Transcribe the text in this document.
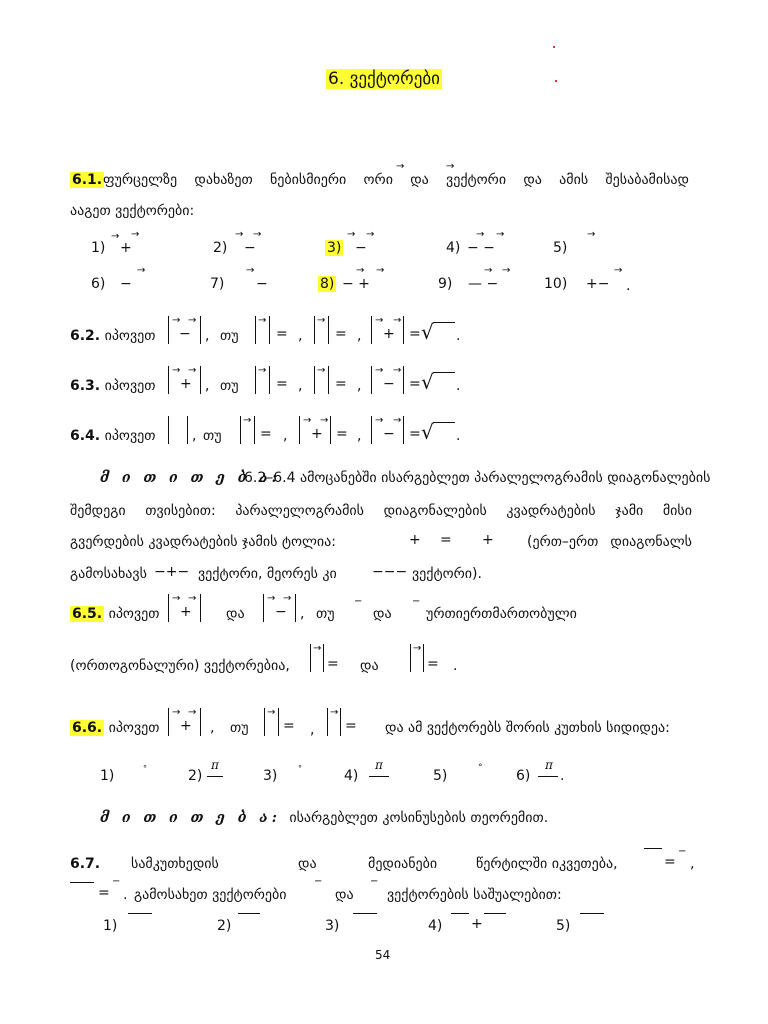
6. ვექტორები
6.1. ფურცელზე დახაზეთ ნებისმიერი ორი და ვექტორი და ამის შესაბამისად
→	→
ააგეთ ვექტორები:
1) +
→ →
2) −
→ →
3) −
→ →
4) − −
→ →
5)
→
6) −
→
7) −
→
8) − +
→ →
9) — −
→ →
10) +−
→
.
6.2. იპოვეთ −
→ →
, თუ
→
= ,
→
= , +
→ →
= √ .
6.3. იპოვეთ +
→ →
, თუ
→
= ,
→
= , −
→ →
= √ .
6.4. იპოვეთ	, თუ
→
= , +
→ →
= , −
→ →
= √ .
მ ი თ ი თ ე ბ ა:
6.2–6.4 ამოცანებში ისარგებლეთ პარალელოგრამის დიაგონალების
შემდეგი თვისებით: პარალელოგრამის დიაგონალების კვადრატების ჯამი მისი
გვერდების კვადრატების ჯამის ტოლია:	+ = + (ერთ–ერთ დიაგონალს
გამოსახავს −+− ვექტორი, მეორეს კი	−−− ვექტორი).
6.5. იპოვეთ +
→ →
და −
→ →
, თუ
−
და
−
ურთიერთმართობული
(ორთოგონალური) ვექტორებია,
→
= და
→
= .
6.6. იპოვეთ +
→ →
, თუ
→
= ,
→
= და ამ ვექტორებს შორის კუთხის სიდიდეა:
1)	°	2)
π
3)	°	4)
π
5)	° 6)
π
.
მ ი თ ი თ ე ბ ა: ისარგებლეთ კოსინუსების თეორემით.
6.7. სამკუთხედის	და	მედიანები	წერტილში იკვეთება,	=
−
,
=
−
. გამოსახეთ ვექტორები
−
და
−
ვექტორების საშუალებით:
1)	2)	3)	4) +	5)
54
